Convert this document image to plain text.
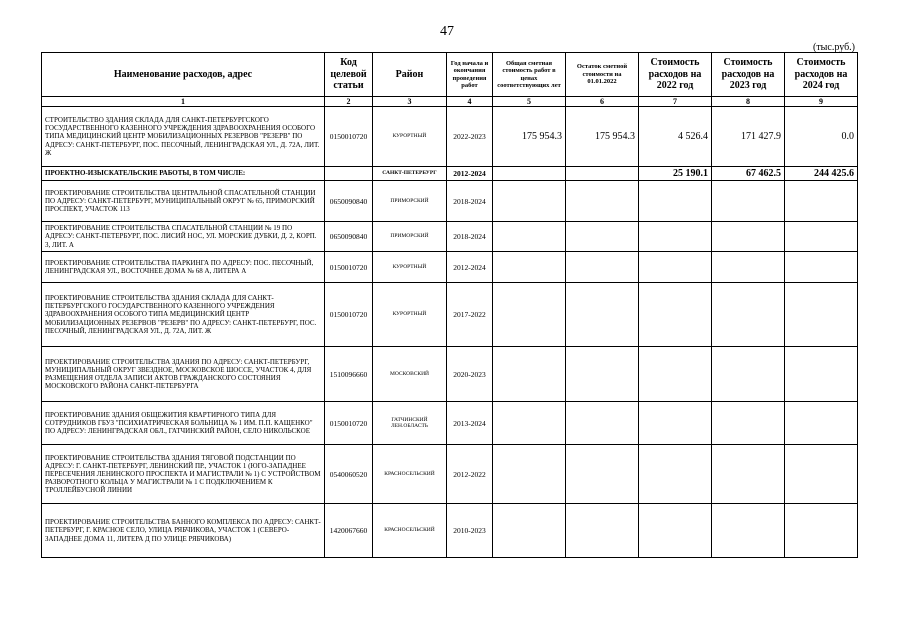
47
(тыс.руб.)
Наименование расходов, адрес	Код целевой статьи	Район	Год начала и окончания проведения работ	Общая сметная стоимость работ в ценах соответствующих лет	Остаток сметной стоимости на 01.01.2022	Стоимость расходов на 2022 год	Стоимость расходов на 2023 год	Стоимость расходов на 2024 год
1	2	3	4	5	6	7	8	9
СТРОИТЕЛЬСТВО ЗДАНИЯ СКЛАДА ДЛЯ САНКТ-ПЕТЕРБУРГСКОГО ГОСУДАРСТВЕННОГО КАЗЕННОГО УЧРЕЖДЕНИЯ ЗДРАВООХРАНЕНИЯ ОСОБОГО ТИПА МЕДИЦИНСКИЙ ЦЕНТР МОБИЛИЗАЦИОННЫХ РЕЗЕРВОВ "РЕЗЕРВ" ПО АДРЕСУ: САНКТ-ПЕТЕРБУРГ, ПОС. ПЕСОЧНЫЙ, ЛЕНИНГРАДСКАЯ УЛ., Д. 72А, ЛИТ. Ж	0150010720	КУРОРТНЫЙ	2022-2023	175 954.3	175 954.3	4 526.4	171 427.9	0.0
ПРОЕКТНО-ИЗЫСКАТЕЛЬСКИЕ РАБОТЫ, В ТОМ ЧИСЛЕ:		САНКТ-ПЕТЕРБУРГ	2012-2024			25 190.1	67 462.5	244 425.6
ПРОЕКТИРОВАНИЕ СТРОИТЕЛЬСТВА ЦЕНТРАЛЬНОЙ СПАСАТЕЛЬНОЙ СТАНЦИИ ПО АДРЕСУ: САНКТ-ПЕТЕРБУРГ, МУНИЦИПАЛЬНЫЙ ОКРУГ № 65, ПРИМОРСКИЙ ПРОСПЕКТ, УЧАСТОК 113	0650090840	ПРИМОРСКИЙ	2018-2024					
ПРОЕКТИРОВАНИЕ СТРОИТЕЛЬСТВА СПАСАТЕЛЬНОЙ СТАНЦИИ № 19 ПО АДРЕСУ: САНКТ-ПЕТЕРБУРГ, ПОС. ЛИСИЙ НОС, УЛ. МОРСКИЕ ДУБКИ, Д. 2, КОРП. 3, ЛИТ. А	0650090840	ПРИМОРСКИЙ	2018-2024					
ПРОЕКТИРОВАНИЕ СТРОИТЕЛЬСТВА ПАРКИНГА ПО АДРЕСУ: ПОС. ПЕСОЧНЫЙ, ЛЕНИНГРАДСКАЯ УЛ., ВОСТОЧНЕЕ ДОМА № 68 А, ЛИТЕРА А	0150010720	КУРОРТНЫЙ	2012-2024					
ПРОЕКТИРОВАНИЕ СТРОИТЕЛЬСТВА ЗДАНИЯ СКЛАДА ДЛЯ САНКТ-ПЕТЕРБУРГСКОГО ГОСУДАРСТВЕННОГО КАЗЕННОГО УЧРЕЖДЕНИЯ ЗДРАВООХРАНЕНИЯ ОСОБОГО ТИПА МЕДИЦИНСКИЙ ЦЕНТР МОБИЛИЗАЦИОННЫХ РЕЗЕРВОВ "РЕЗЕРВ" ПО АДРЕСУ: САНКТ-ПЕТЕРБУРГ, ПОС. ПЕСОЧНЫЙ, ЛЕНИНГРАДСКАЯ УЛ., Д. 72А, ЛИТ. Ж	0150010720	КУРОРТНЫЙ	2017-2022					
ПРОЕКТИРОВАНИЕ СТРОИТЕЛЬСТВА ЗДАНИЯ ПО АДРЕСУ: САНКТ-ПЕТЕРБУРГ, МУНИЦИПАЛЬНЫЙ ОКРУГ ЗВЕЗДНОЕ, МОСКОВСКОЕ ШОССЕ, УЧАСТОК 4, ДЛЯ РАЗМЕЩЕНИЯ ОТДЕЛА ЗАПИСИ АКТОВ ГРАЖДАНСКОГО СОСТОЯНИЯ МОСКОВСКОГО РАЙОНА САНКТ-ПЕТЕРБУРГА	1510096660	МОСКОВСКИЙ	2020-2023					
ПРОЕКТИРОВАНИЕ ЗДАНИЯ ОБЩЕЖИТИЯ КВАРТИРНОГО ТИПА ДЛЯ СОТРУДНИКОВ ГБУЗ "ПСИХИАТРИЧЕСКАЯ БОЛЬНИЦА № 1 ИМ. П.П. КАЩЕНКО" ПО АДРЕСУ: ЛЕНИНГРАДСКАЯ ОБЛ., ГАТЧИНСКИЙ РАЙОН, СЕЛО НИКОЛЬСКОЕ	0150010720	ГАТЧИНСКИЙ ЛЕН.ОБЛАСТЬ	2013-2024					
ПРОЕКТИРОВАНИЕ СТРОИТЕЛЬСТВА ЗДАНИЯ ТЯГОВОЙ ПОДСТАНЦИИ ПО АДРЕСУ: Г. САНКТ-ПЕТЕРБУРГ, ЛЕНИНСКИЙ ПР., УЧАСТОК 1 (ЮГО-ЗАПАДНЕЕ ПЕРЕСЕЧЕНИЯ ЛЕНИНСКОГО ПРОСПЕКТА И МАГИСТРАЛИ № 1) С УСТРОЙСТВОМ РАЗВОРОТНОГО КОЛЬЦА У МАГИСТРАЛИ № 1 С ПОДКЛЮЧЕНИЕМ К ТРОЛЛЕЙБУСНОЙ ЛИНИИ	0540060520	КРАСНОСЕЛЬСКИЙ	2012-2022					
ПРОЕКТИРОВАНИЕ СТРОИТЕЛЬСТВА БАННОГО КОМПЛЕКСА ПО АДРЕСУ: САНКТ-ПЕТЕРБУРГ, Г. КРАСНОЕ СЕЛО, УЛИЦА РЯБЧИКОВА, УЧАСТОК 1 (СЕВЕРО-ЗАПАДНЕЕ ДОМА 11, ЛИТЕРА Д ПО УЛИЦЕ РЯБЧИКОВА)	1420067660	КРАСНОСЕЛЬСКИЙ	2010-2023					
